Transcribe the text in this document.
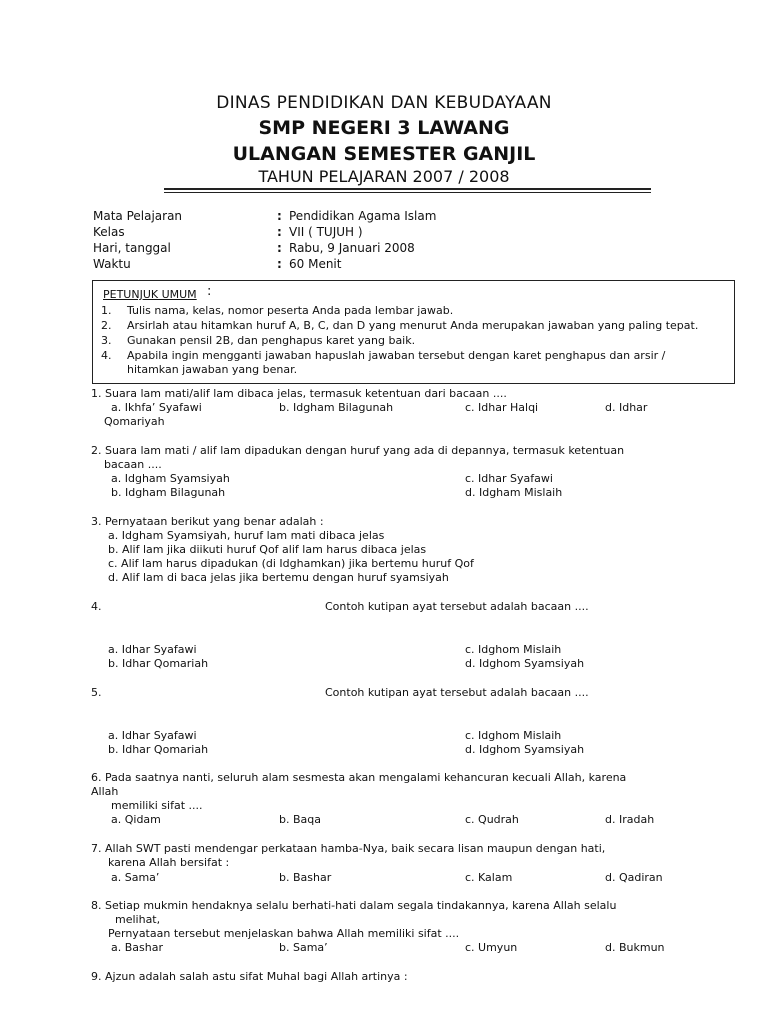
DINAS PENDIDIKAN DAN KEBUDAYAAN
SMP NEGERI 3 LAWANG
ULANGAN SEMESTER GANJIL
TAHUN PELAJARAN 2007 / 2008
Mata Pelajaran	: Pendidikan Agama Islam
Kelas	: VII ( TUJUH )
Hari, tanggal	: Rabu, 9 Januari 2008
Waktu	: 60 Menit
PETUNJUK UMUM :
1. Tulis nama, kelas, nomor peserta Anda pada lembar jawab.
2. Arsirlah atau hitamkan huruf A, B, C, dan D yang menurut Anda merupakan jawaban yang paling tepat.
3. Gunakan pensil 2B, dan penghapus karet yang baik.
4. Apabila ingin mengganti jawaban hapuslah jawaban tersebut dengan karet penghapus dan arsir /
hitamkan jawaban yang benar.
1. Suara lam mati/alif lam dibaca jelas, termasuk ketentuan dari bacaan ....
a. Ikhfa’ Syafawi	b. Idgham Bilagunah	c. Idhar Halqi	d. Idhar
Qomariyah
2. Suara lam mati / alif lam dipadukan dengan huruf yang ada di depannya, termasuk ketentuan
bacaan ....
a. Idgham Syamsiyah	c. Idhar Syafawi
b. Idgham Bilagunah	d. Idgham Mislaih
3. Pernyataan berikut yang benar adalah :
a. Idgham Syamsiyah, huruf lam mati dibaca jelas
b. Alif lam jika diikuti huruf Qof alif lam harus dibaca jelas
c. Alif lam harus dipadukan (di Idghamkan) jika bertemu huruf Qof
d. Alif lam di baca jelas jika bertemu dengan huruf syamsiyah
4.	Contoh kutipan ayat tersebut adalah bacaan ....
a. Idhar Syafawi	c. Idghom Mislaih
b. Idhar Qomariah	d. Idghom Syamsiyah
5.	Contoh kutipan ayat tersebut adalah bacaan ....
a. Idhar Syafawi	c. Idghom Mislaih
b. Idhar Qomariah	d. Idghom Syamsiyah
6. Pada saatnya nanti, seluruh alam sesmesta akan mengalami kehancuran kecuali Allah, karena
Allah
memiliki sifat ....
a. Qidam	b. Baqa	c. Qudrah	d. Iradah
7. Allah SWT pasti mendengar perkataan hamba-Nya, baik secara lisan maupun dengan hati,
karena Allah bersifat :
a. Sama’	b. Bashar	c. Kalam	d. Qadiran
8. Setiap mukmin hendaknya selalu berhati-hati dalam segala tindakannya, karena Allah selalu
melihat,
Pernyataan tersebut menjelaskan bahwa Allah memiliki sifat ....
a. Bashar	b. Sama’	c. Umyun	d. Bukmun
9. Ajzun adalah salah astu sifat Muhal bagi Allah artinya :
